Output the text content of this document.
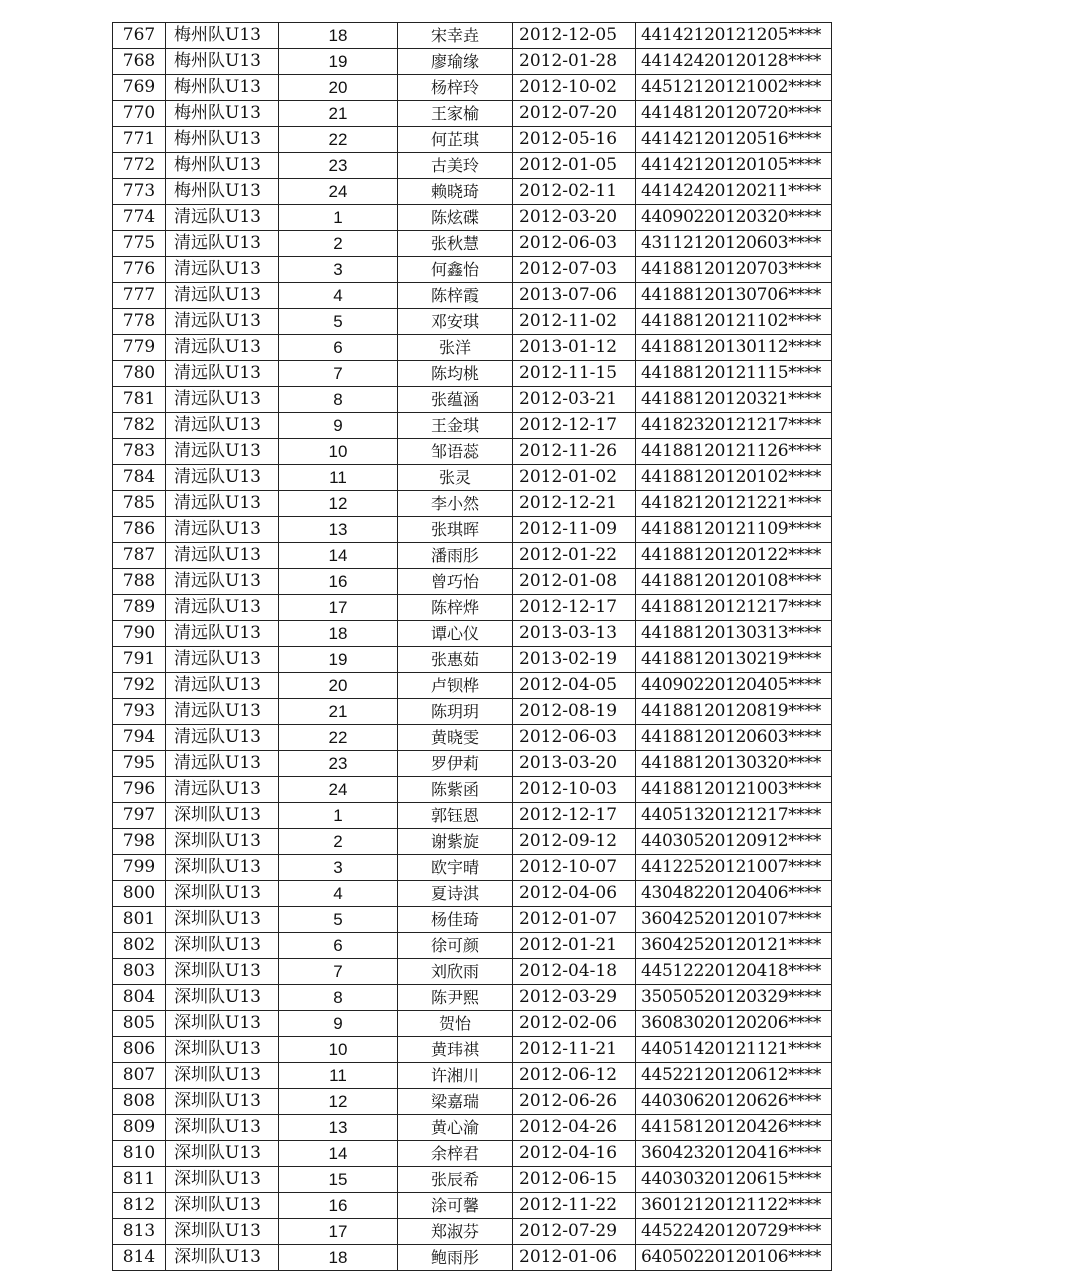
767	梅州队U13	18	宋幸垚	2012-12-05	44142120121205****
768	梅州队U13	19	廖瑜缘	2012-01-28	44142420120128****
769	梅州队U13	20	杨梓玲	2012-10-02	44512120121002****
770	梅州队U13	21	王家榆	2012-07-20	44148120120720****
771	梅州队U13	22	何芷琪	2012-05-16	44142120120516****
772	梅州队U13	23	古美玲	2012-01-05	44142120120105****
773	梅州队U13	24	赖晓琦	2012-02-11	44142420120211****
774	清远队U13	1	陈炫碟	2012-03-20	44090220120320****
775	清远队U13	2	张秋慧	2012-06-03	43112120120603****
776	清远队U13	3	何鑫怡	2012-07-03	44188120120703****
777	清远队U13	4	陈梓霞	2013-07-06	44188120130706****
778	清远队U13	5	邓安琪	2012-11-02	44188120121102****
779	清远队U13	6	张洋	2013-01-12	44188120130112****
780	清远队U13	7	陈均桃	2012-11-15	44188120121115****
781	清远队U13	8	张蕴涵	2012-03-21	44188120120321****
782	清远队U13	9	王金琪	2012-12-17	44182320121217****
783	清远队U13	10	邹语蕊	2012-11-26	44188120121126****
784	清远队U13	11	张灵	2012-01-02	44188120120102****
785	清远队U13	12	李小然	2012-12-21	44182120121221****
786	清远队U13	13	张琪晖	2012-11-09	44188120121109****
787	清远队U13	14	潘雨肜	2012-01-22	44188120120122****
788	清远队U13	16	曾巧怡	2012-01-08	44188120120108****
789	清远队U13	17	陈梓烨	2012-12-17	44188120121217****
790	清远队U13	18	谭心仪	2013-03-13	44188120130313****
791	清远队U13	19	张惠茹	2013-02-19	44188120130219****
792	清远队U13	20	卢钡桦	2012-04-05	44090220120405****
793	清远队U13	21	陈玥玥	2012-08-19	44188120120819****
794	清远队U13	22	黄晓雯	2012-06-03	44188120120603****
795	清远队U13	23	罗伊莉	2013-03-20	44188120130320****
796	清远队U13	24	陈紫函	2012-10-03	44188120121003****
797	深圳队U13	1	郭钰恩	2012-12-17	44051320121217****
798	深圳队U13	2	谢紫旋	2012-09-12	44030520120912****
799	深圳队U13	3	欧宇晴	2012-10-07	44122520121007****
800	深圳队U13	4	夏诗淇	2012-04-06	43048220120406****
801	深圳队U13	5	杨佳琦	2012-01-07	36042520120107****
802	深圳队U13	6	徐可颜	2012-01-21	36042520120121****
803	深圳队U13	7	刘欣雨	2012-04-18	44512220120418****
804	深圳队U13	8	陈尹熙	2012-03-29	35050520120329****
805	深圳队U13	9	贺怡	2012-02-06	36083020120206****
806	深圳队U13	10	黄玮祺	2012-11-21	44051420121121****
807	深圳队U13	11	许湘川	2012-06-12	44522120120612****
808	深圳队U13	12	梁嘉瑞	2012-06-26	44030620120626****
809	深圳队U13	13	黄心渝	2012-04-26	44158120120426****
810	深圳队U13	14	余梓君	2012-04-16	36042320120416****
811	深圳队U13	15	张辰希	2012-06-15	44030320120615****
812	深圳队U13	16	涂可馨	2012-11-22	36012120121122****
813	深圳队U13	17	郑淑芬	2012-07-29	44522420120729****
814	深圳队U13	18	鲍雨彤	2012-01-06	64050220120106****
